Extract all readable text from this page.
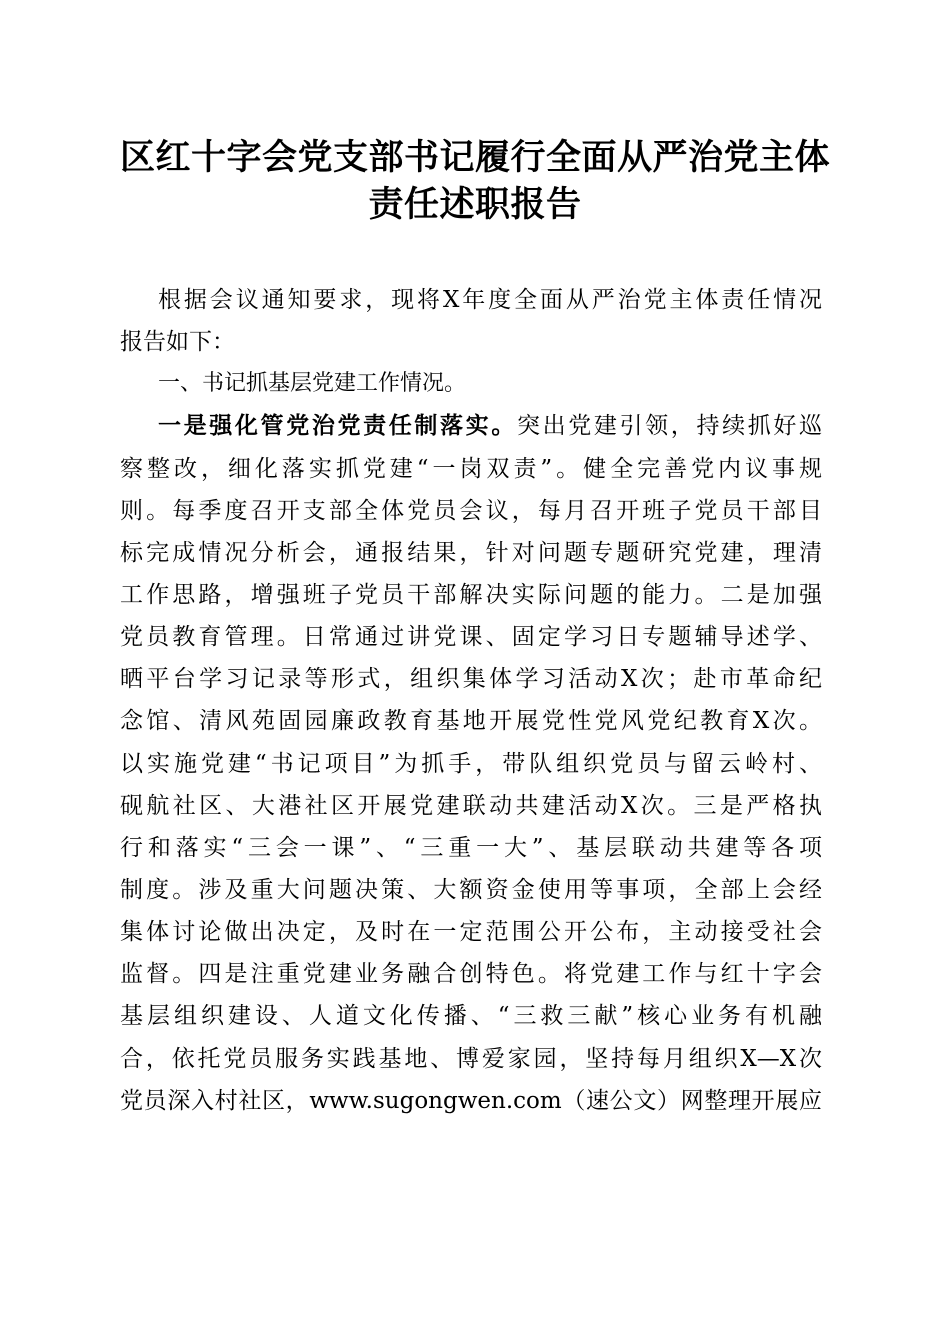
区红十字会党支部书记履行全面从严治党主体
责任述职报告
根据会议通知要求，现将X年度全面从严治党主体责任情况
报告如下：
一、书记抓基层党建工作情况。
一是强化管党治党责任制落实。突出党建引领，持续抓好巡
察整改，细化落实抓党建“一岗双责”。健全完善党内议事规
则。每季度召开支部全体党员会议，每月召开班子党员干部目
标完成情况分析会，通报结果，针对问题专题研究党建，理清
工作思路，增强班子党员干部解决实际问题的能力。二是加强
党员教育管理。日常通过讲党课、固定学习日专题辅导述学、
晒平台学习记录等形式，组织集体学习活动X次；赴市革命纪
念馆、清风苑固园廉政教育基地开展党性党风党纪教育X次。
以实施党建“书记项目”为抓手，带队组织党员与留云岭村、
砚航社区、大港社区开展党建联动共建活动X次。三是严格执
行和落实“三会一课”、“三重一大”、基层联动共建等各项
制度。涉及重大问题决策、大额资金使用等事项，全部上会经
集体讨论做出决定，及时在一定范围公开公布，主动接受社会
监督。四是注重党建业务融合创特色。将党建工作与红十字会
基层组织建设、人道文化传播、“三救三献”核心业务有机融
合，依托党员服务实践基地、博爱家园，坚持每月组织X—X次
党员深入村社区，www.sugongwen.com（速公文）网整理开展应
